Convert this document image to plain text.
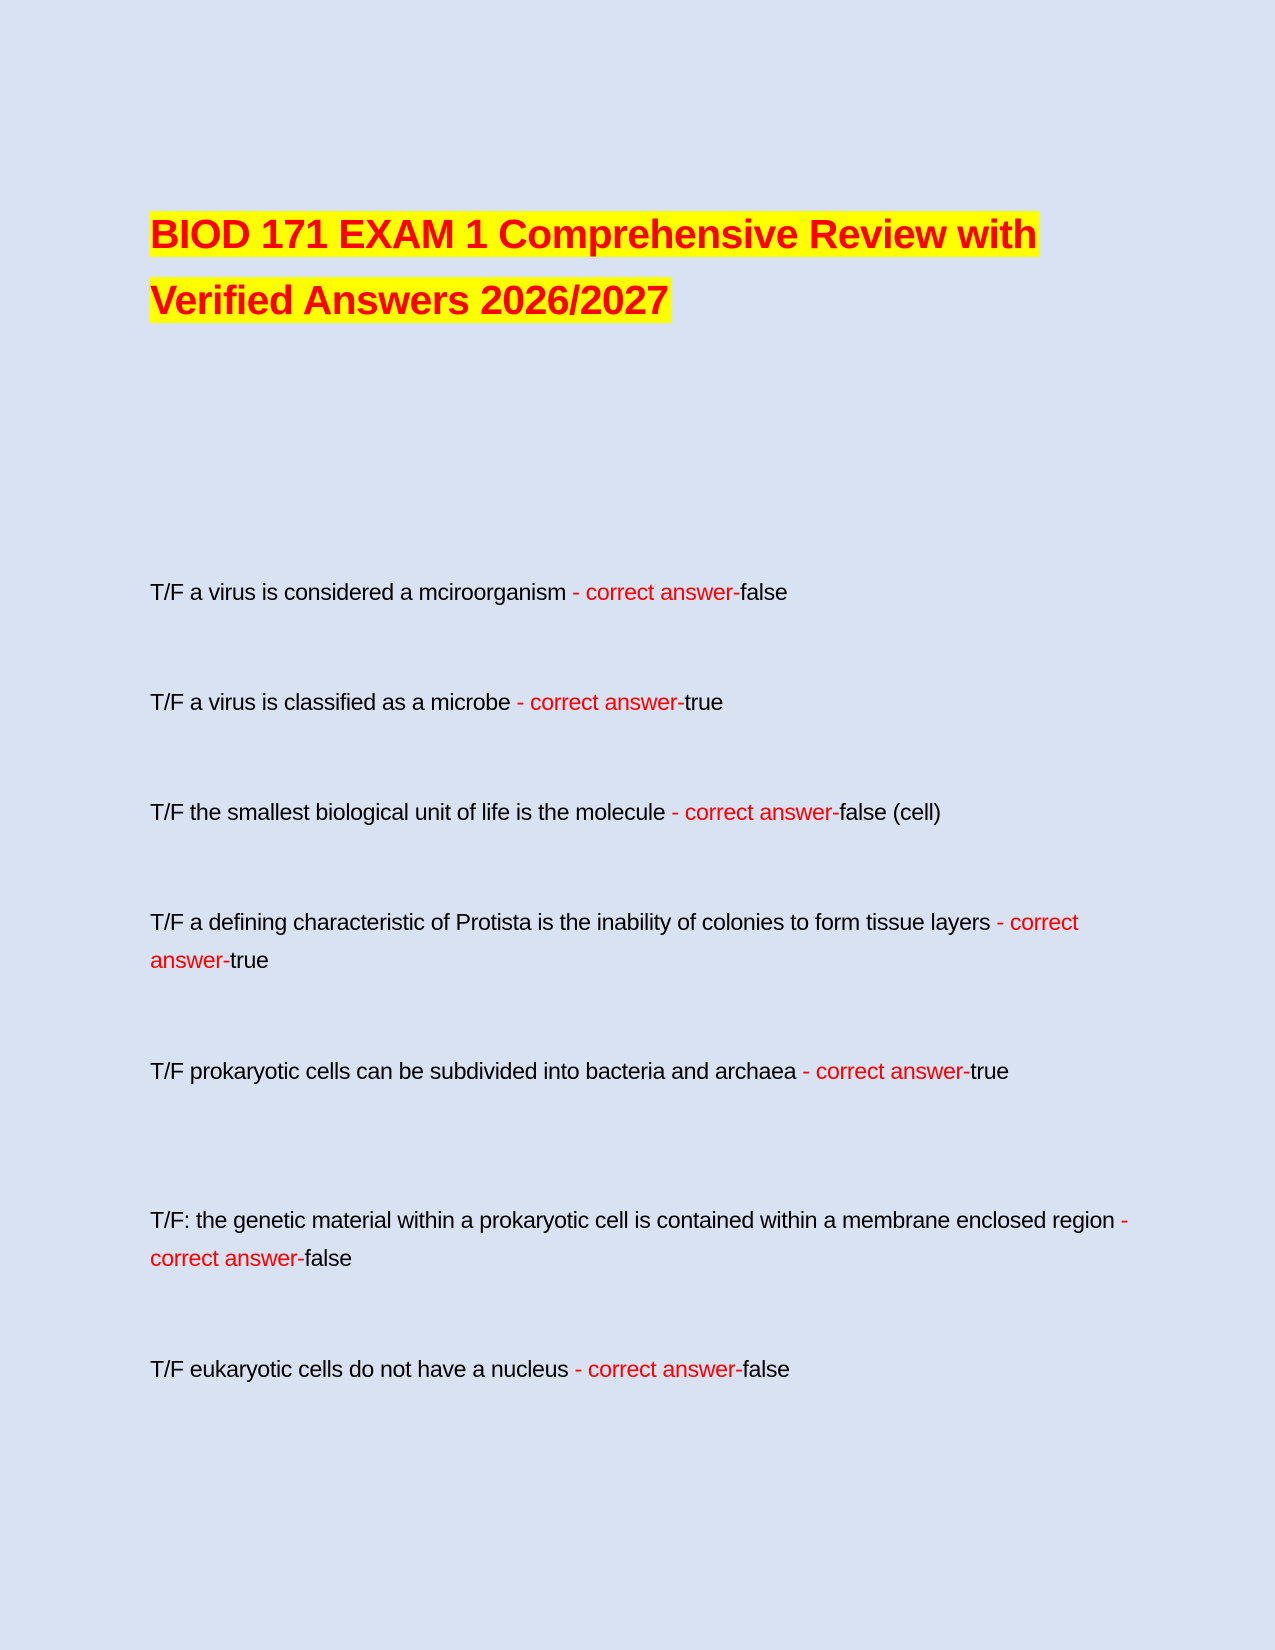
BIOD 171 EXAM 1 Comprehensive Review with Verified Answers 2026/2027

T/F a virus is considered a mciroorganism - correct answer-false

T/F a virus is classified as a microbe - correct answer-true

T/F the smallest biological unit of life is the molecule - correct answer-false (cell)

T/F a defining characteristic of Protista is the inability of colonies to form tissue layers - correct answer-true

T/F prokaryotic cells can be subdivided into bacteria and archaea - correct answer-true

T/F: the genetic material within a prokaryotic cell is contained within a membrane enclosed region - correct answer-false

T/F eukaryotic cells do not have a nucleus - correct answer-false
